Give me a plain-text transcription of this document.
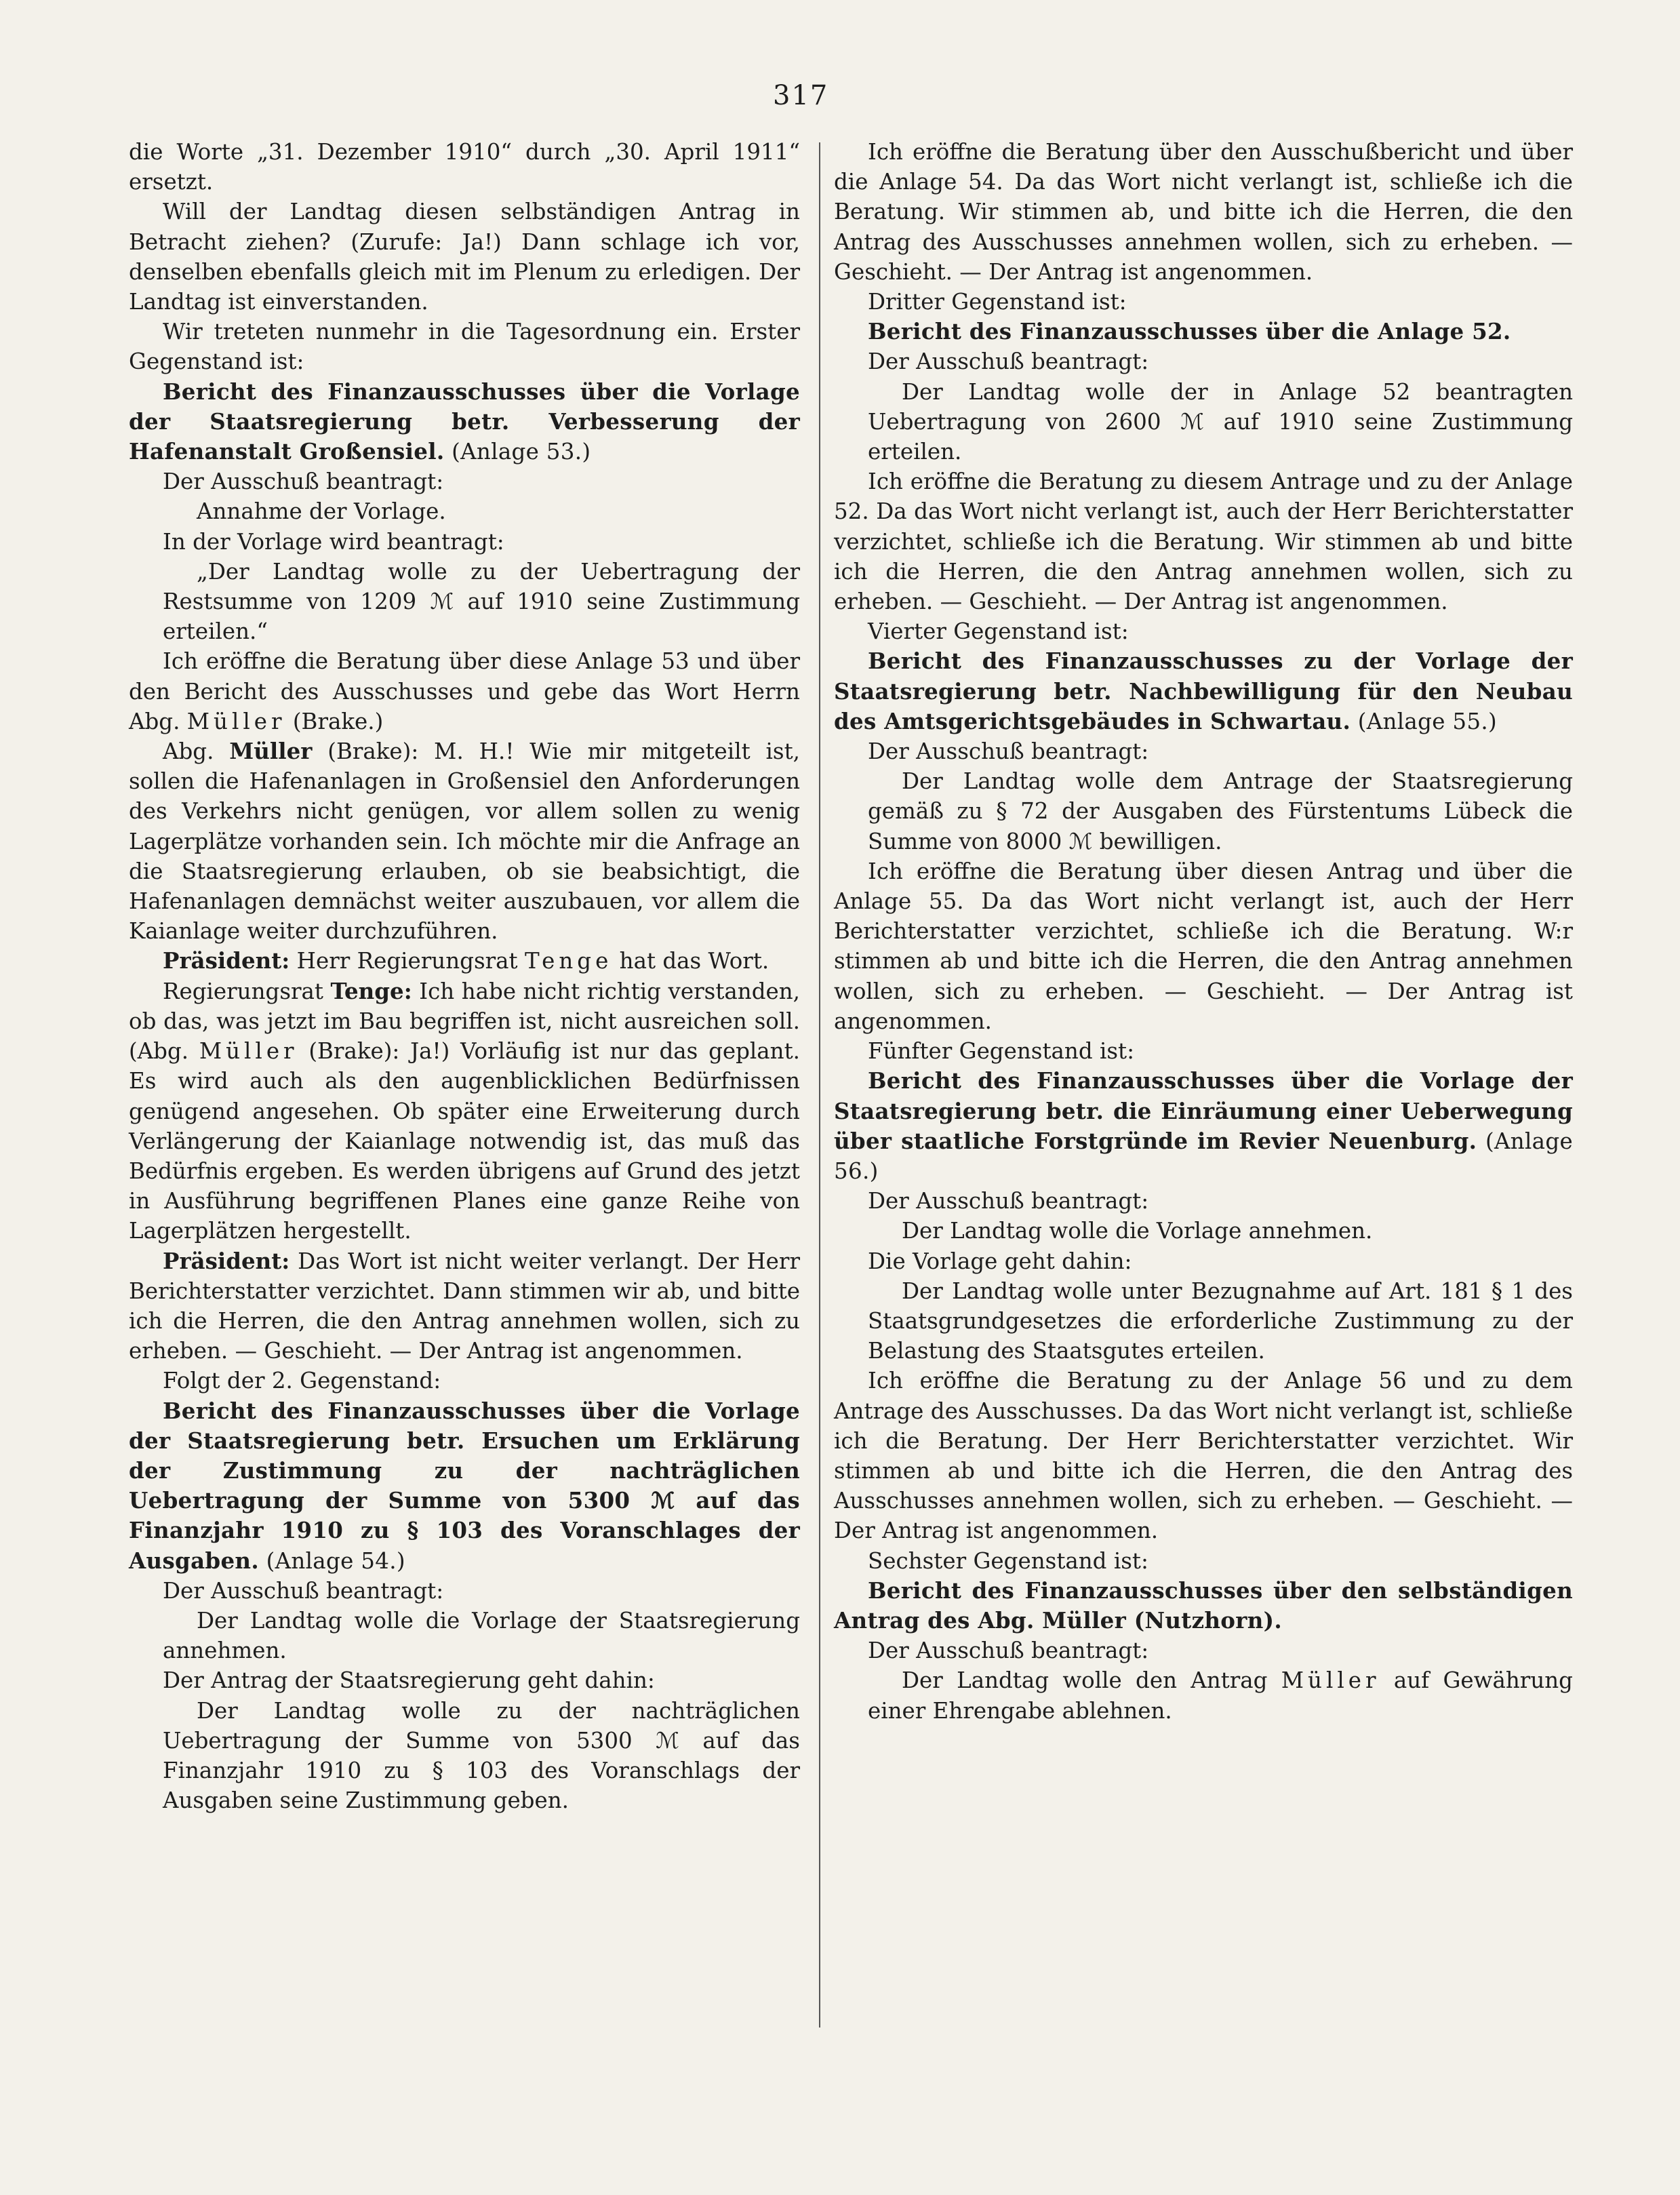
317

die Worte „31. Dezember 1910“ durch „30. April 1911“ ersetzt.

Will der Landtag diesen selbständigen Antrag in Betracht ziehen? (Zurufe: Ja!) Dann schlage ich vor, denselben ebenfalls gleich mit im Plenum zu erledigen. Der Landtag ist einverstanden.

Wir treteten nunmehr in die Tagesordnung ein. Erster Gegenstand ist:

Bericht des Finanzausschusses über die Vorlage der Staatsregierung betr. Verbesserung der Hafenanstalt Großensiel. (Anlage 53.)

Der Ausschuß beantragt:

Annahme der Vorlage.

In der Vorlage wird beantragt:

„Der Landtag wolle zu der Uebertragung der Restsumme von 1209 ℳ auf 1910 seine Zustimmung erteilen.“

Ich eröffne die Beratung über diese Anlage 53 und über den Bericht des Ausschusses und gebe das Wort Herrn Abg. Müller (Brake.)

Abg. Müller (Brake): M. H.! Wie mir mitgeteilt ist, sollen die Hafenanlagen in Großensiel den Anforderungen des Verkehrs nicht genügen, vor allem sollen zu wenig Lagerplätze vorhanden sein. Ich möchte mir die Anfrage an die Staatsregierung erlauben, ob sie beabsichtigt, die Hafenanlagen demnächst weiter auszubauen, vor allem die Kaianlage weiter durchzuführen.

Präsident: Herr Regierungsrat Tenge hat das Wort.

Regierungsrat Tenge: Ich habe nicht richtig verstanden, ob das, was jetzt im Bau begriffen ist, nicht ausreichen soll. (Abg. Müller (Brake): Ja!) Vorläufig ist nur das geplant. Es wird auch als den augenblicklichen Bedürfnissen genügend angesehen. Ob später eine Erweiterung durch Verlängerung der Kaianlage notwendig ist, das muß das Bedürfnis ergeben. Es werden übrigens auf Grund des jetzt in Ausführung begriffenen Planes eine ganze Reihe von Lagerplätzen hergestellt.

Präsident: Das Wort ist nicht weiter verlangt. Der Herr Berichterstatter verzichtet. Dann stimmen wir ab, und bitte ich die Herren, die den Antrag annehmen wollen, sich zu erheben. — Geschieht. — Der Antrag ist angenommen.

Folgt der 2. Gegenstand:

Bericht des Finanzausschusses über die Vorlage der Staatsregierung betr. Ersuchen um Erklärung der Zustimmung zu der nachträglichen Uebertragung der Summe von 5300 ℳ auf das Finanzjahr 1910 zu § 103 des Voranschlages der Ausgaben. (Anlage 54.)

Der Ausschuß beantragt:

Der Landtag wolle die Vorlage der Staatsregierung annehmen.

Der Antrag der Staatsregierung geht dahin:

Der Landtag wolle zu der nachträglichen Uebertragung der Summe von 5300 ℳ auf das Finanzjahr 1910 zu § 103 des Voranschlags der Ausgaben seine Zustimmung geben.

Ich eröffne die Beratung über den Ausschußbericht und über die Anlage 54. Da das Wort nicht verlangt ist, schließe ich die Beratung. Wir stimmen ab, und bitte ich die Herren, die den Antrag des Ausschusses annehmen wollen, sich zu erheben. — Geschieht. — Der Antrag ist angenommen.

Dritter Gegenstand ist:

Bericht des Finanzausschusses über die Anlage 52.

Der Ausschuß beantragt:

Der Landtag wolle der in Anlage 52 beantragten Uebertragung von 2600 ℳ auf 1910 seine Zustimmung erteilen.

Ich eröffne die Beratung zu diesem Antrage und zu der Anlage 52. Da das Wort nicht verlangt ist, auch der Herr Berichterstatter verzichtet, schließe ich die Beratung. Wir stimmen ab und bitte ich die Herren, die den Antrag annehmen wollen, sich zu erheben. — Geschieht. — Der Antrag ist angenommen.

Vierter Gegenstand ist:

Bericht des Finanzausschusses zu der Vorlage der Staatsregierung betr. Nachbewilligung für den Neubau des Amtsgerichtsgebäudes in Schwartau. (Anlage 55.)

Der Ausschuß beantragt:

Der Landtag wolle dem Antrage der Staatsregierung gemäß zu § 72 der Ausgaben des Fürstentums Lübeck die Summe von 8000 ℳ bewilligen.

Ich eröffne die Beratung über diesen Antrag und über die Anlage 55. Da das Wort nicht verlangt ist, auch der Herr Berichterstatter verzichtet, schließe ich die Beratung. W:r stimmen ab und bitte ich die Herren, die den Antrag annehmen wollen, sich zu erheben. — Geschieht. — Der Antrag ist angenommen.

Fünfter Gegenstand ist:

Bericht des Finanzausschusses über die Vorlage der Staatsregierung betr. die Einräumung einer Ueberwegung über staatliche Forstgründe im Revier Neuenburg. (Anlage 56.)

Der Ausschuß beantragt:

Der Landtag wolle die Vorlage annehmen.

Die Vorlage geht dahin:

Der Landtag wolle unter Bezugnahme auf Art. 181 § 1 des Staatsgrundgesetzes die erforderliche Zustimmung zu der Belastung des Staatsgutes erteilen.

Ich eröffne die Beratung zu der Anlage 56 und zu dem Antrage des Ausschusses. Da das Wort nicht verlangt ist, schließe ich die Beratung. Der Herr Berichterstatter verzichtet. Wir stimmen ab und bitte ich die Herren, die den Antrag des Ausschusses annehmen wollen, sich zu erheben. — Geschieht. — Der Antrag ist angenommen.

Sechster Gegenstand ist:

Bericht des Finanzausschusses über den selbständigen Antrag des Abg. Müller (Nutzhorn).

Der Ausschuß beantragt:

Der Landtag wolle den Antrag Müller auf Gewährung einer Ehrengabe ablehnen.
